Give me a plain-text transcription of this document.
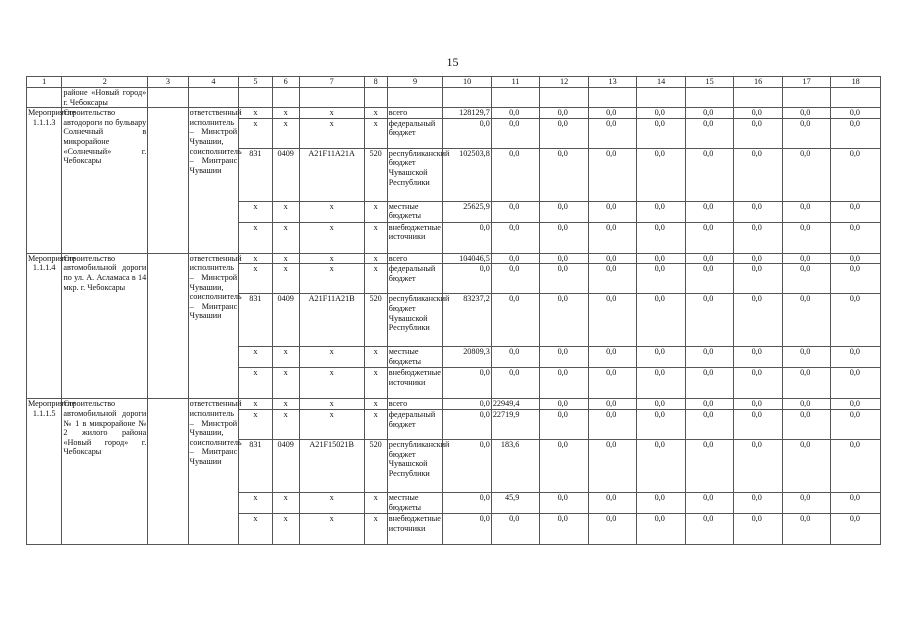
15
1	2	3	4	5	6	7	8	9	10	11	12	13	14	15	16	17	18
	районе «Новый город» г. Чебоксары																
Мероприятие 1.1.1.3	Строительство автодороги по бульвару Солнечный в микрорайоне «Солнечный» г. Чебоксары		ответственный исполнитель – Минстрой Чувашии, соисполнитель – Минтранс Чувашии	x	x	x	x	всего	128129,7	0,0	0,0	0,0	0,0	0,0	0,0	0,0	0,0
				x	x	x	x	федеральный бюджет	0,0	0,0	0,0	0,0	0,0	0,0	0,0	0,0	0,0
				831	0409	A21F11A21A	520	республиканский бюджет Чувашской Республики	102503,8	0,0	0,0	0,0	0,0	0,0	0,0	0,0	0,0
				x	x	x	x	местные бюджеты	25625,9	0,0	0,0	0,0	0,0	0,0	0,0	0,0	0,0
				x	x	x	x	внебюджетные источники	0,0	0,0	0,0	0,0	0,0	0,0	0,0	0,0	0,0
Мероприятие 1.1.1.4	Строительство автомобильной дороги по ул. А. Асламаса в 14 мкр. г. Чебоксары		ответственный исполнитель – Минстрой Чувашии, соисполнитель – Минтранс Чувашии	x	x	x	x	всего	104046,5	0,0	0,0	0,0	0,0	0,0	0,0	0,0	0,0
				x	x	x	x	федеральный бюджет	0,0	0,0	0,0	0,0	0,0	0,0	0,0	0,0	0,0
				831	0409	A21F11A21B	520	республиканский бюджет Чувашской Республики	83237,2	0,0	0,0	0,0	0,0	0,0	0,0	0,0	0,0
				x	x	x	x	местные бюджеты	20809,3	0,0	0,0	0,0	0,0	0,0	0,0	0,0	0,0
				x	x	x	x	внебюджетные источники	0,0	0,0	0,0	0,0	0,0	0,0	0,0	0,0	0,0
Мероприятие 1.1.1.5	Строительство автомобильной дороги № 1 в микрорайоне № 2 жилого района «Новый город» г. Чебоксары		ответственный исполнитель – Минстрой Чувашии, соисполнитель – Минтранс Чувашии	x	x	x	x	всего	0,0	22949,4	0,0	0,0	0,0	0,0	0,0	0,0	0,0
				x	x	x	x	федеральный бюджет	0,0	22719,9	0,0	0,0	0,0	0,0	0,0	0,0	0,0
				831	0409	A21F15021B	520	республиканский бюджет Чувашской Республики	0,0	183,6	0,0	0,0	0,0	0,0	0,0	0,0	0,0
				x	x	x	x	местные бюджеты	0,0	45,9	0,0	0,0	0,0	0,0	0,0	0,0	0,0
				x	x	x	x	внебюджетные источники	0,0	0,0	0,0	0,0	0,0	0,0	0,0	0,0	0,0
